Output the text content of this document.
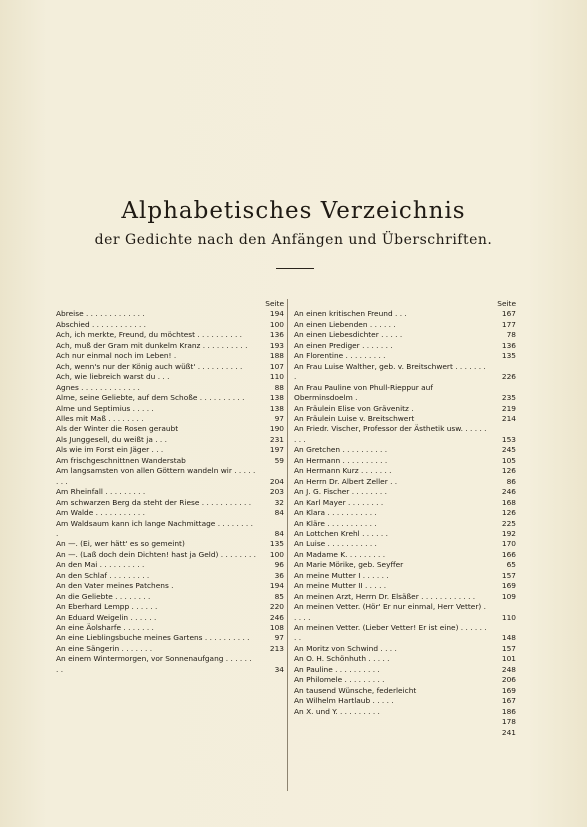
Alphabetisches Verzeichnis
der Gedichte nach den Anfängen und Überschriften.
Seite
Abreise . . . . . . . . . . . . .	194
Abschied . . . . . . . . . . . .	100
Ach, ich merkte, Freund, du möchtest . . . . . . . . . .	136
Ach, muß der Gram mit dunkelm Kranz . . . . . . . . . .	193
Ach nur einmal noch im Leben! .	188
Ach, wenn's nur der König auch wüßt' . . . . . . . . . .	107
Ach, wie liebreich warst du . . .	110
Agnes . . . . . . . . . . . . .	88
Alme, seine Geliebte, auf dem Schoße . . . . . . . . . .	138
Alme und Septimius . . . . .	138
Alles mit Maß . . . . . . . .	97
Als der Winter die Rosen geraubt	190
Als Junggesell, du weißt ja . . .	231
Als wie im Forst ein Jäger . . .	197
Am frischgeschnittnen Wanderstab	59
Am langsamsten von allen Göttern wandeln wir . . . . . . . .	204
Am Rheinfall . . . . . . . . .	203
Am schwarzen Berg da steht der Riese . . . . . . . . . . .	32
Am Walde . . . . . . . . . . .	84
Am Waldsaum kann ich lange Nachmittage . . . . . . . . .	84
An —. (Ei, wer hätt' es so gemeint)	135
An —. (Laß doch dein Dichten! hast ja Geld) . . . . . . . .	100
An den Mai . . . . . . . . . .	96
An den Schlaf . . . . . . . . .	36
An den Vater meines Patchens .	194
An die Geliebte . . . . . . . .	85
An Eberhard Lempp . . . . . .	220
An Eduard Weigelin . . . . . .	246
An eine Äolsharfe . . . . . . .	108
An eine Lieblingsbuche meines Gartens . . . . . . . . . .	97
An eine Sängerin . . . . . . .	213
An einem Wintermorgen, vor Sonnenaufgang . . . . . . . .	34
Seite
An einen kritischen Freund . . .	167
An einen Liebenden . . . . . .	177
An einen Liebesdichter . . . . .	78
An einen Prediger . . . . . . .	136
An Florentine . . . . . . . . .	135
An Frau Luise Walther, geb. v. Breitschwert . . . . . . . .	226
An Frau Pauline von Phull-Rieppur auf Oberminsdoelm .	235
An Fräulein Elise von Grävenitz .	219
An Fräulein Luise v. Breitschwert	214
An Friedr. Vischer, Professor der Ästhetik usw. . . . . . . . .	153
An Gretchen . . . . . . . . . .	245
An Hermann . . . . . . . . . .	105
An Hermann Kurz . . . . . . .	126
An Herrn Dr. Albert Zeller . .	86
An J. G. Fischer . . . . . . . .	246
An Karl Mayer . . . . . . . .	168
An Klara . . . . . . . . . . .	126
An Kläre . . . . . . . . . . .	225
An Lottchen Krehl . . . . . .	192
An Luise . . . . . . . . . . .	170
An Madame K. . . . . . . . .	166
An Marie Mörike, geb. Seyffer	65
An meine Mutter I . . . . . .	157
An meine Mutter II . . . . .	169
An meinen Arzt, Herrn Dr. Elsäßer . . . . . . . . . . . .	109
An meinen Vetter. (Hör' Er nur einmal, Herr Vetter) . . . . .	110
An meinen Vetter. (Lieber Vetter! Er ist eine) . . . . . . . .	148
An Moritz von Schwind . . . .	157
An O. H. Schönhuth . . . . .	101
An Pauline . . . . . . . . . .	248
An Philomele . . . . . . . . .	206
An tausend Wünsche, federleicht	169
An Wilhelm Hartlaub . . . . .	167
An X. und Y. . . . . . . . . .	186
178
241
